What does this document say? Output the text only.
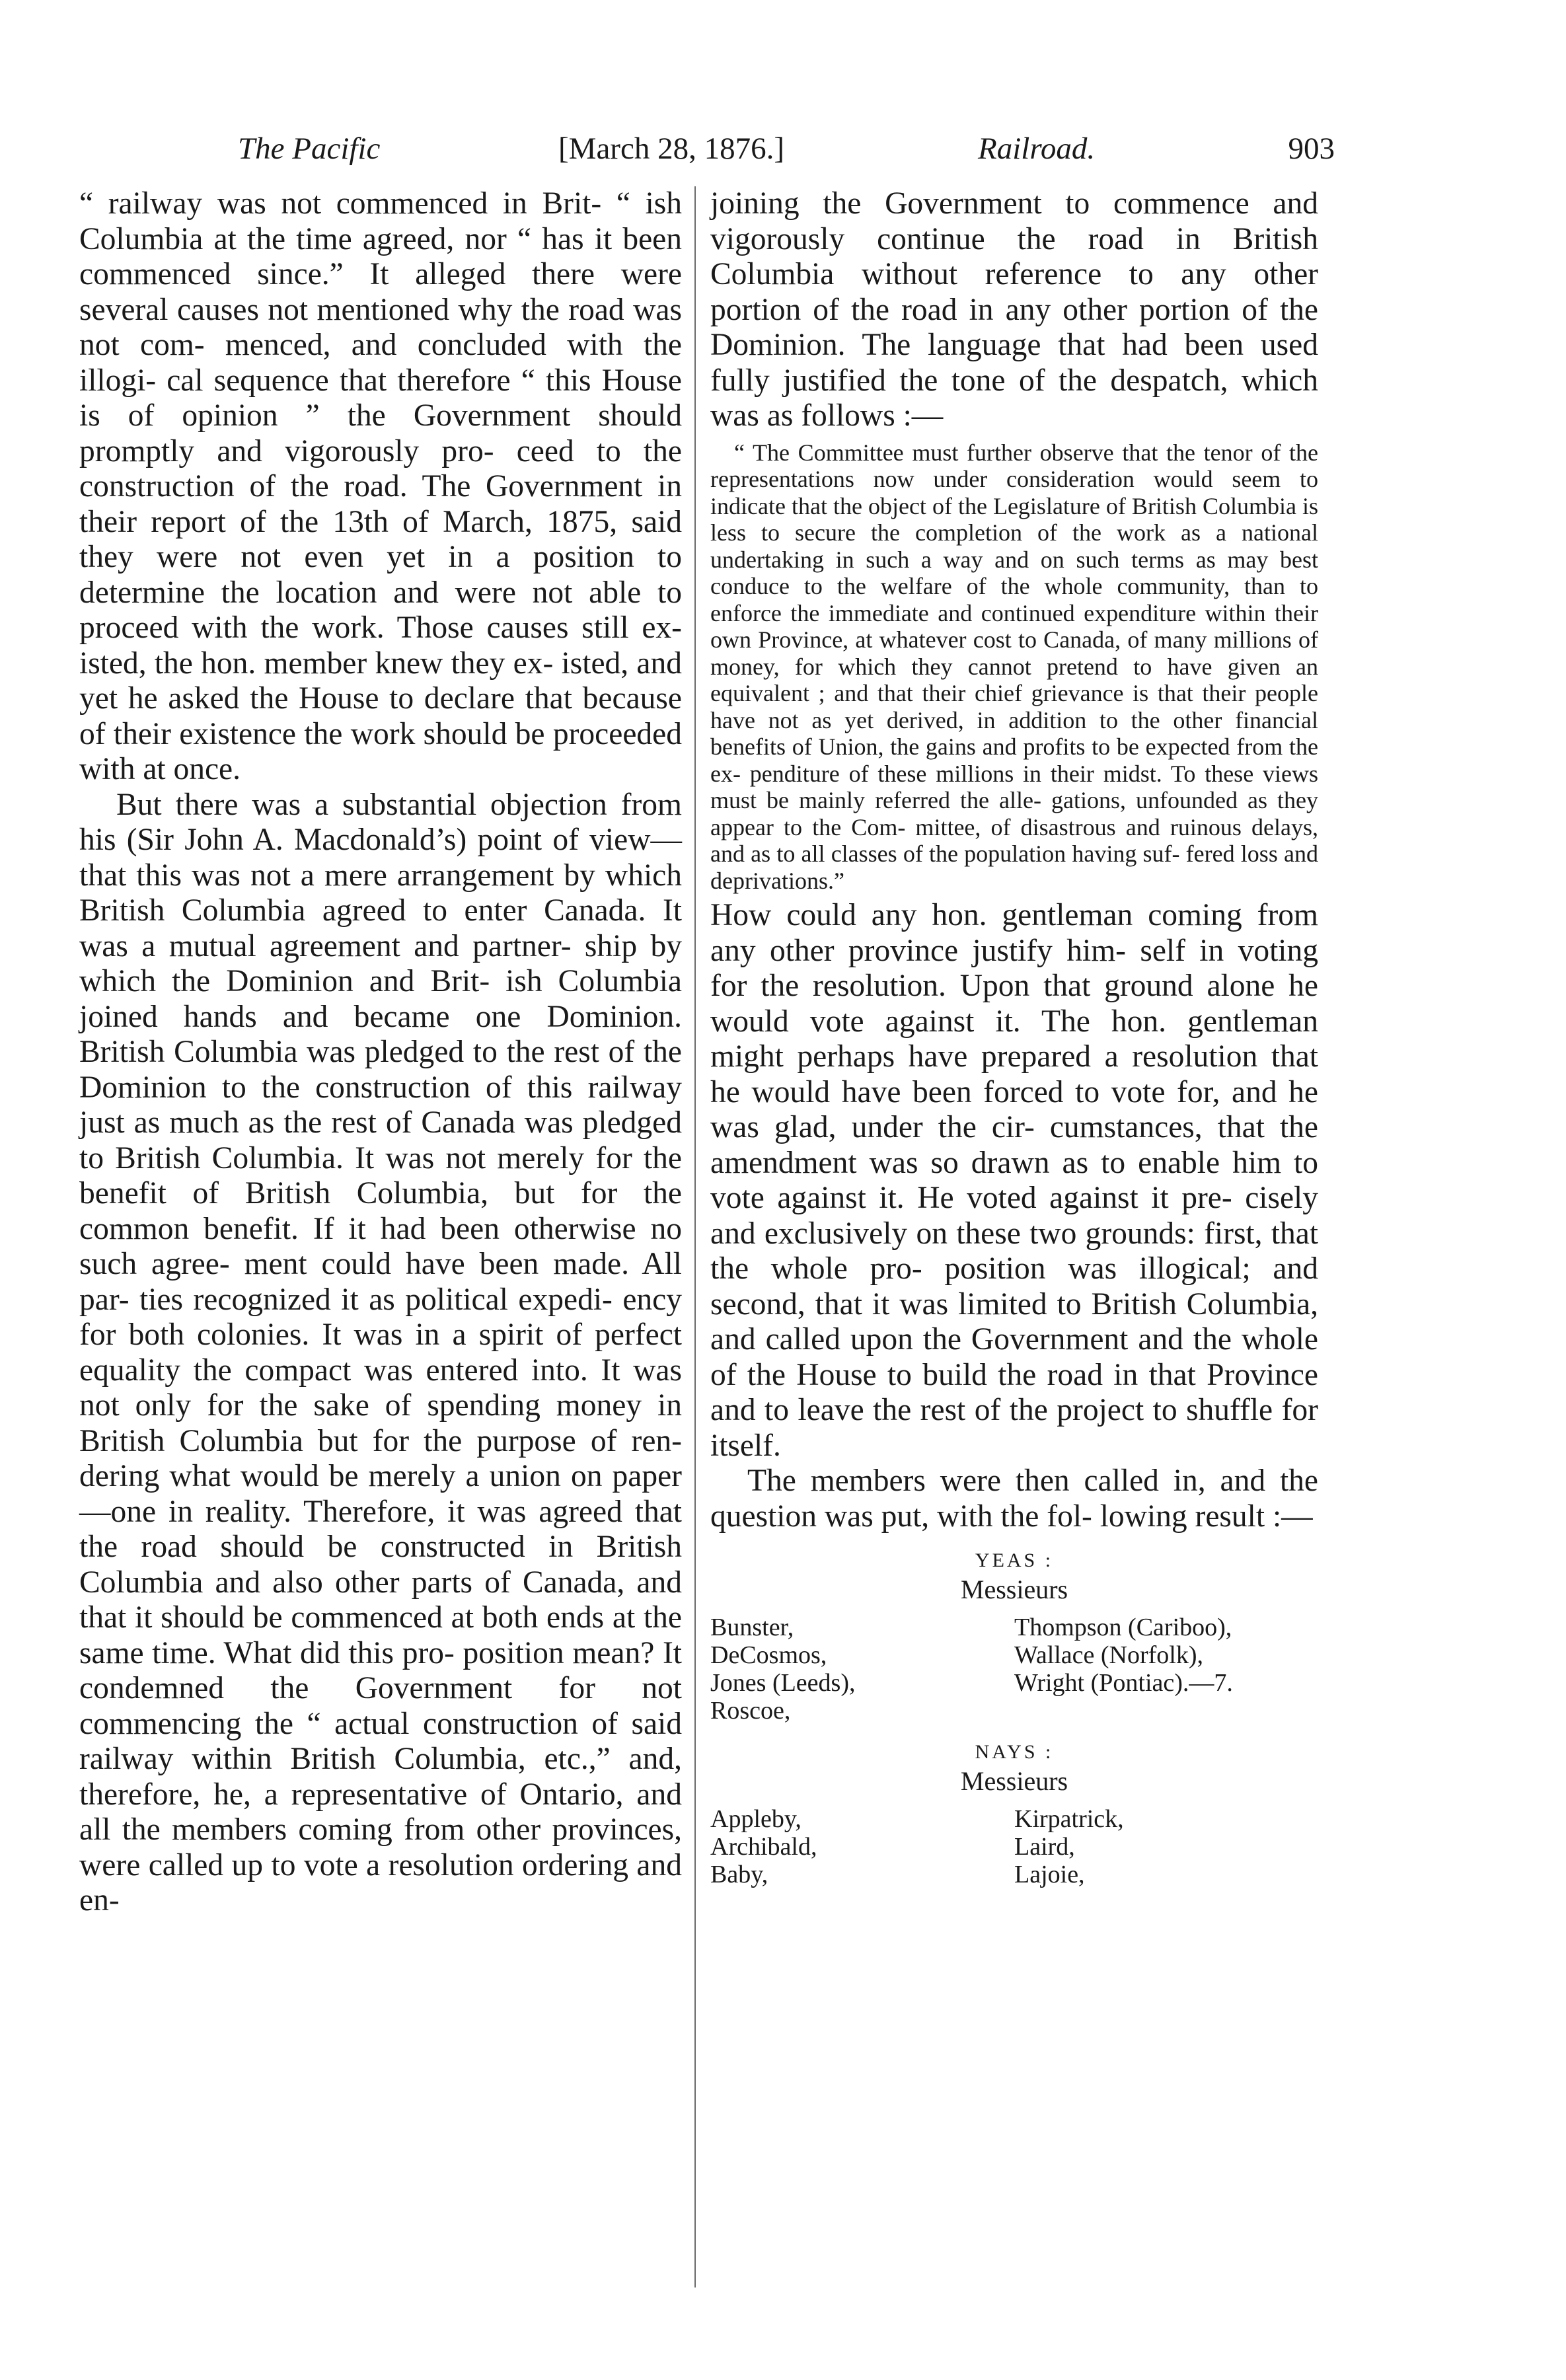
The Pacific	[March 28, 1876.]	Railroad.	903

“ railway was not commenced in Brit- “ ish Columbia at the time agreed, nor “ has it been commenced since.” It alleged there were several causes not mentioned why the road was not com- menced, and concluded with the illogi- cal sequence that therefore “ this House is of opinion ” the Government should promptly and vigorously pro- ceed to the construction of the road. The Government in their report of the 13th of March, 1875, said they were not even yet in a position to determine the location and were not able to proceed with the work. Those causes still ex- isted, the hon. member knew they ex- isted, and yet he asked the House to declare that because of their existence the work should be proceeded with at once.

But there was a substantial objection from his (Sir John A. Macdonald’s) point of view—that this was not a mere arrangement by which British Columbia agreed to enter Canada. It was a mutual agreement and partner- ship by which the Dominion and Brit- ish Columbia joined hands and became one Dominion. British Columbia was pledged to the rest of the Dominion to the construction of this railway just as much as the rest of Canada was pledged to British Columbia. It was not merely for the benefit of British Columbia, but for the common benefit. If it had been otherwise no such agree- ment could have been made. All par- ties recognized it as political expedi- ency for both colonies. It was in a spirit of perfect equality the compact was entered into. It was not only for the sake of spending money in British Columbia but for the purpose of ren- dering what would be merely a union on paper—one in reality. Therefore, it was agreed that the road should be constructed in British Columbia and also other parts of Canada, and that it should be commenced at both ends at the same time. What did this pro- position mean? It condemned the Government for not commencing the “ actual construction of said railway within British Columbia, etc.,” and, therefore, he, a representative of Ontario, and all the members coming from other provinces, were called up to vote a resolution ordering and en-

joining the Government to commence and vigorously continue the road in British Columbia without reference to any other portion of the road in any other portion of the Dominion. The language that had been used fully justified the tone of the despatch, which was as follows :—

“ The Committee must further observe that the tenor of the representations now under consideration would seem to indicate that the object of the Legislature of British Columbia is less to secure the completion of the work as a national undertaking in such a way and on such terms as may best conduce to the welfare of the whole community, than to enforce the immediate and continued expenditure within their own Province, at whatever cost to Canada, of many millions of money, for which they cannot pretend to have given an equivalent ; and that their chief grievance is that their people have not as yet derived, in addition to the other financial benefits of Union, the gains and profits to be expected from the ex- penditure of these millions in their midst. To these views must be mainly referred the alle- gations, unfounded as they appear to the Com- mittee, of disastrous and ruinous delays, and as to all classes of the population having suf- fered loss and deprivations.”

How could any hon. gentleman coming from any other province justify him- self in voting for the resolution. Upon that ground alone he would vote against it. The hon. gentleman might perhaps have prepared a resolution that he would have been forced to vote for, and he was glad, under the cir- cumstances, that the amendment was so drawn as to enable him to vote against it. He voted against it pre- cisely and exclusively on these two grounds: first, that the whole pro- position was illogical; and second, that it was limited to British Columbia, and called upon the Government and the whole of the House to build the road in that Province and to leave the rest of the project to shuffle for itself.

The members were then called in, and the question was put, with the fol- lowing result :—

YEAS :

Messieurs

Bunster,
DeCosmos,
Jones (Leeds),
Roscoe,
Thompson (Cariboo),
Wallace (Norfolk),
Wright (Pontiac).—7.

NAYS :

Messieurs

Appleby,
Archibald,
Baby,
Kirpatrick,
Laird,
Lajoie,
